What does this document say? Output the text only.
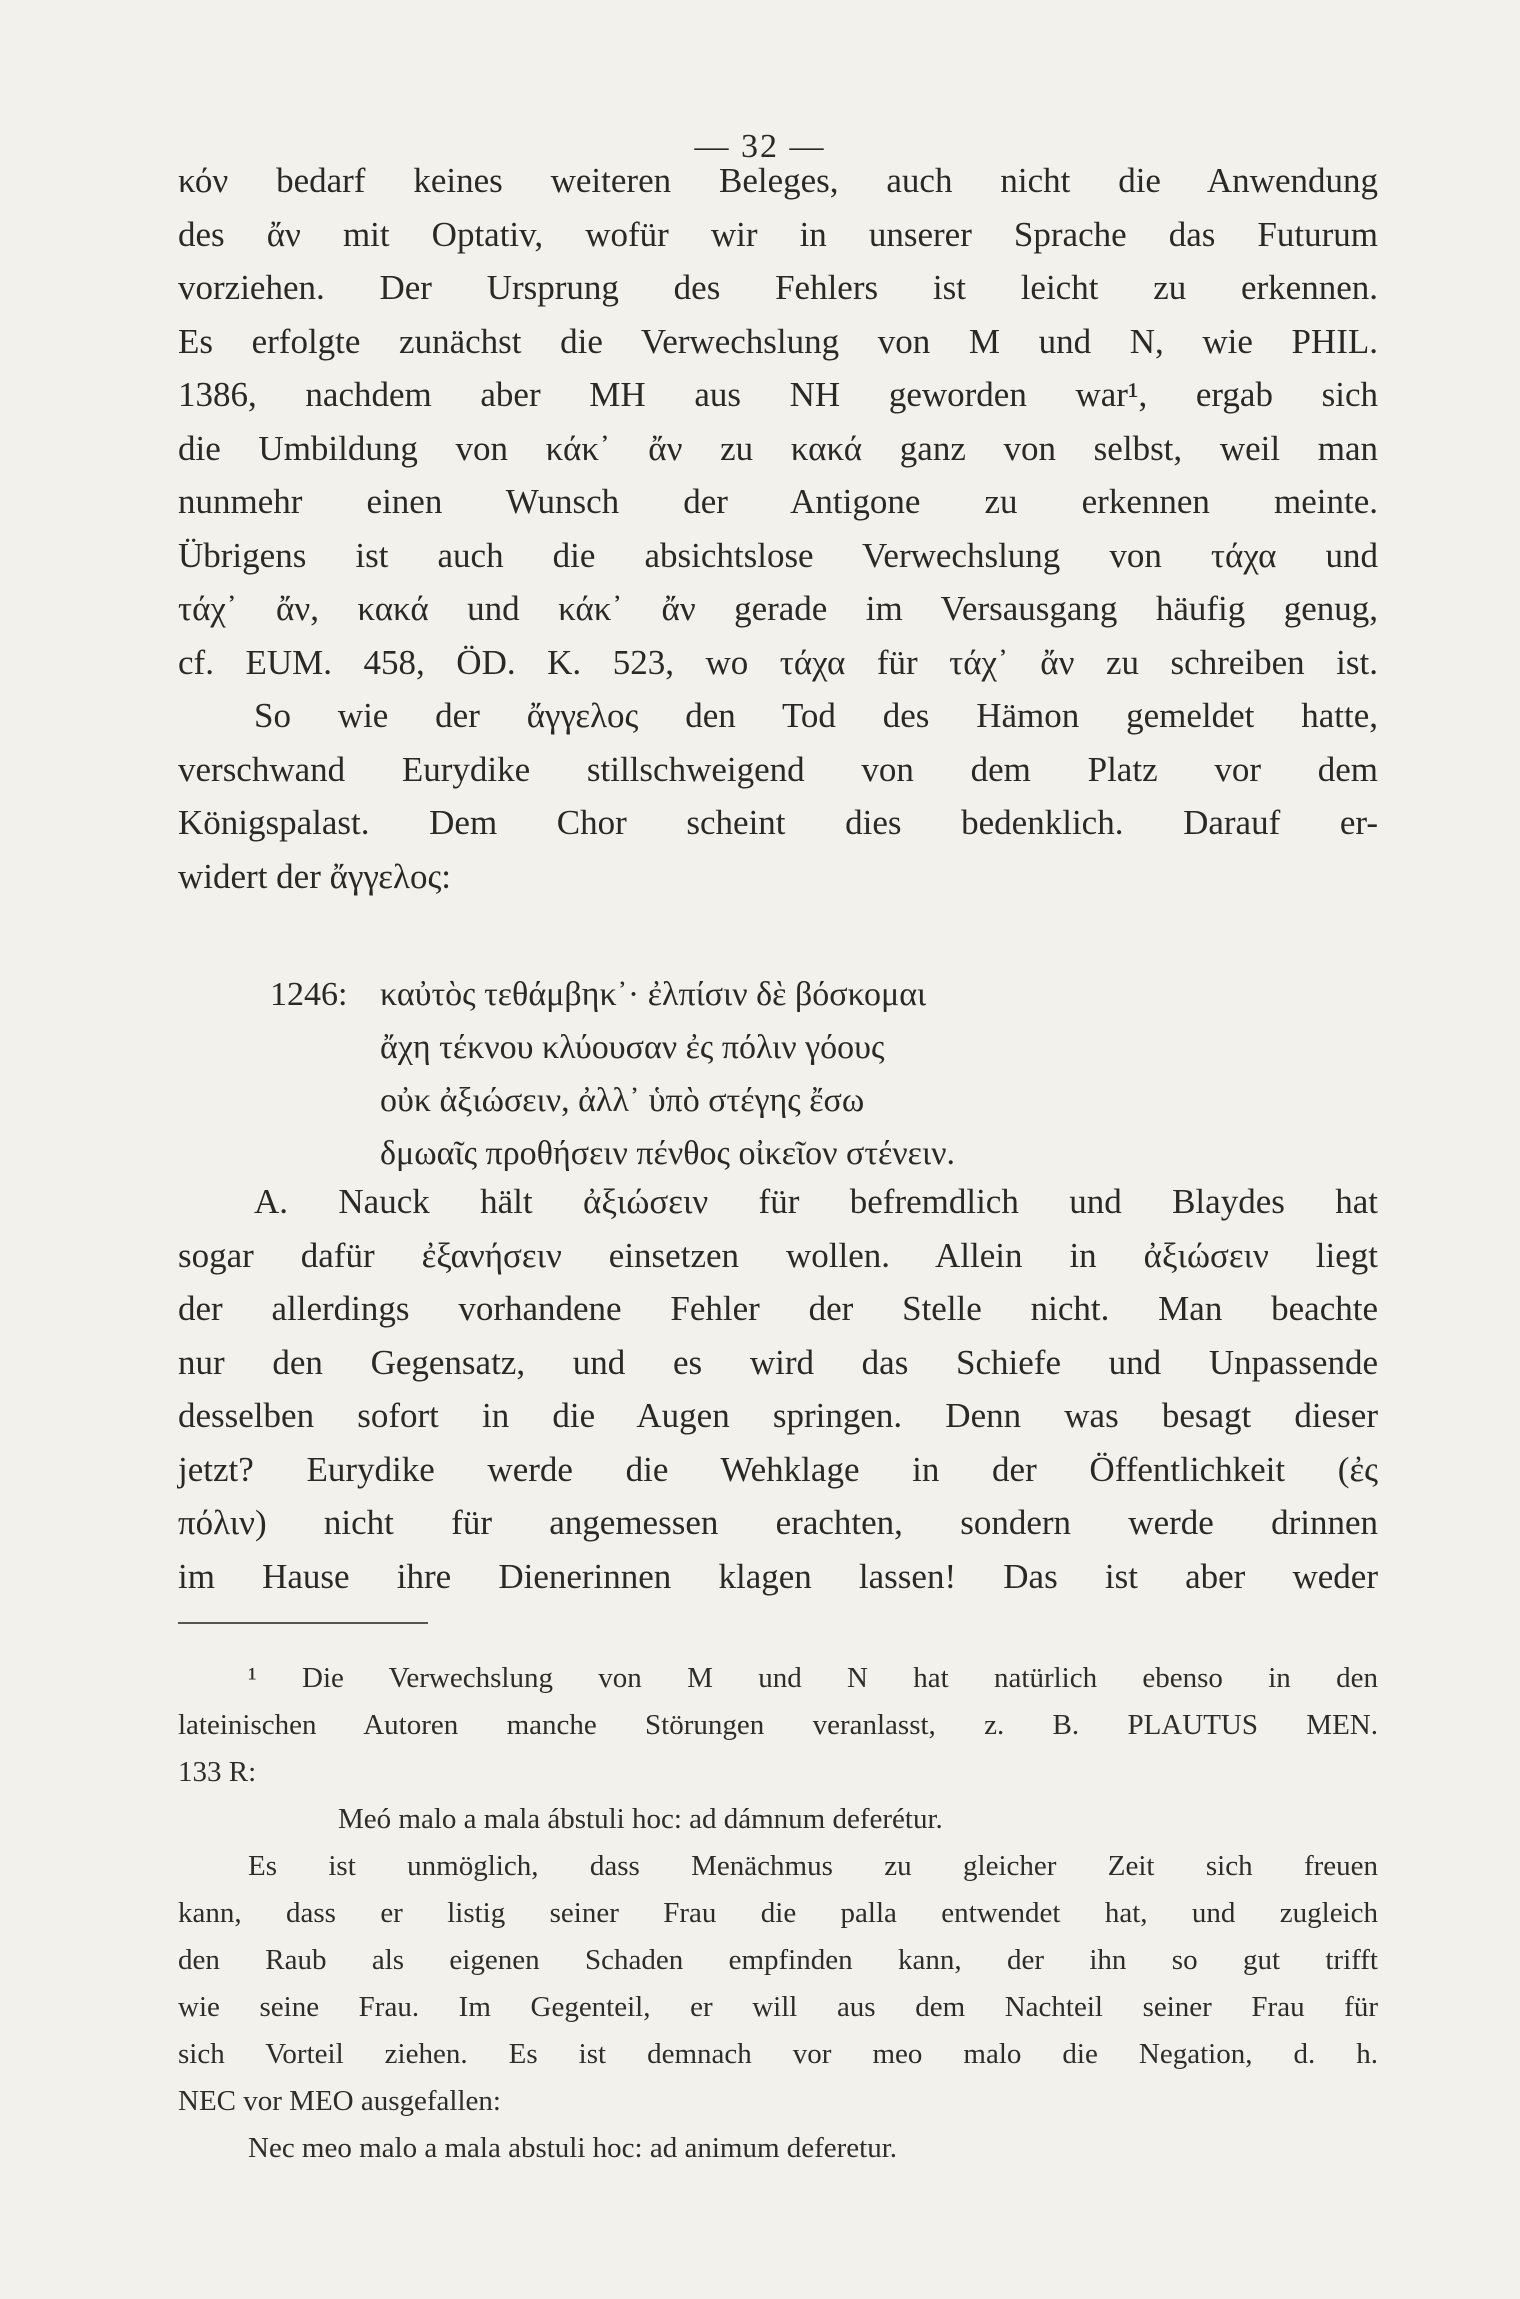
— 32 —
κόν bedarf keines weiteren Beleges, auch nicht die Anwendung
des ἄν mit Optativ, wofür wir in unserer Sprache das Futurum
vorziehen. Der Ursprung des Fehlers ist leicht zu erkennen.
Es erfolgte zunächst die Verwechslung von M und N, wie PHIL.
1386, nachdem aber MH aus NH geworden war¹, ergab sich
die Umbildung von κάκ᾽ ἄν zu κακά ganz von selbst, weil man
nunmehr einen Wunsch der Antigone zu erkennen meinte.
Übrigens ist auch die absichtslose Verwechslung von τάχα und
τάχ᾽ ἄν, κακά und κάκ᾽ ἄν gerade im Versausgang häufig genug,
cf. EUM. 458, ÖD. K. 523, wo τάχα für τάχ᾽ ἄν zu schreiben ist.
So wie der ἄγγελος den Tod des Hämon gemeldet hatte,
verschwand Eurydike stillschweigend von dem Platz vor dem
Königspalast. Dem Chor scheint dies bedenklich. Darauf er-
widert der ἄγγελος:
1246: καὐτὸς τεθάμβηκ᾽· ἐλπίσιν δὲ βόσκομαι
ἄχη τέκνου κλύουσαν ἐς πόλιν γόους
οὐκ ἀξιώσειν, ἀλλ᾽ ὑπὸ στέγης ἔσω
δμωαῖς προθήσειν πένθος οἰκεῖον στένειν.
A. Nauck hält ἀξιώσειν für befremdlich und Blaydes hat
sogar dafür ἐξανήσειν einsetzen wollen. Allein in ἀξιώσειν liegt
der allerdings vorhandene Fehler der Stelle nicht. Man beachte
nur den Gegensatz, und es wird das Schiefe und Unpassende
desselben sofort in die Augen springen. Denn was besagt dieser
jetzt? Eurydike werde die Wehklage in der Öffentlichkeit (ἐς
πόλιν) nicht für angemessen erachten, sondern werde drinnen
im Hause ihre Dienerinnen klagen lassen! Das ist aber weder
¹ Die Verwechslung von M und N hat natürlich ebenso in den
lateinischen Autoren manche Störungen veranlasst, z. B. PLAUTUS MEN.
133 R:
Meó malo a mala ábstuli hoc: ad dámnum deferétur.
Es ist unmöglich, dass Menächmus zu gleicher Zeit sich freuen
kann, dass er listig seiner Frau die palla entwendet hat, und zugleich
den Raub als eigenen Schaden empfinden kann, der ihn so gut trifft
wie seine Frau. Im Gegenteil, er will aus dem Nachteil seiner Frau für
sich Vorteil ziehen. Es ist demnach vor meo malo die Negation, d. h.
NEC vor MEO ausgefallen:
Nec meo malo a mala abstuli hoc: ad animum deferetur.
